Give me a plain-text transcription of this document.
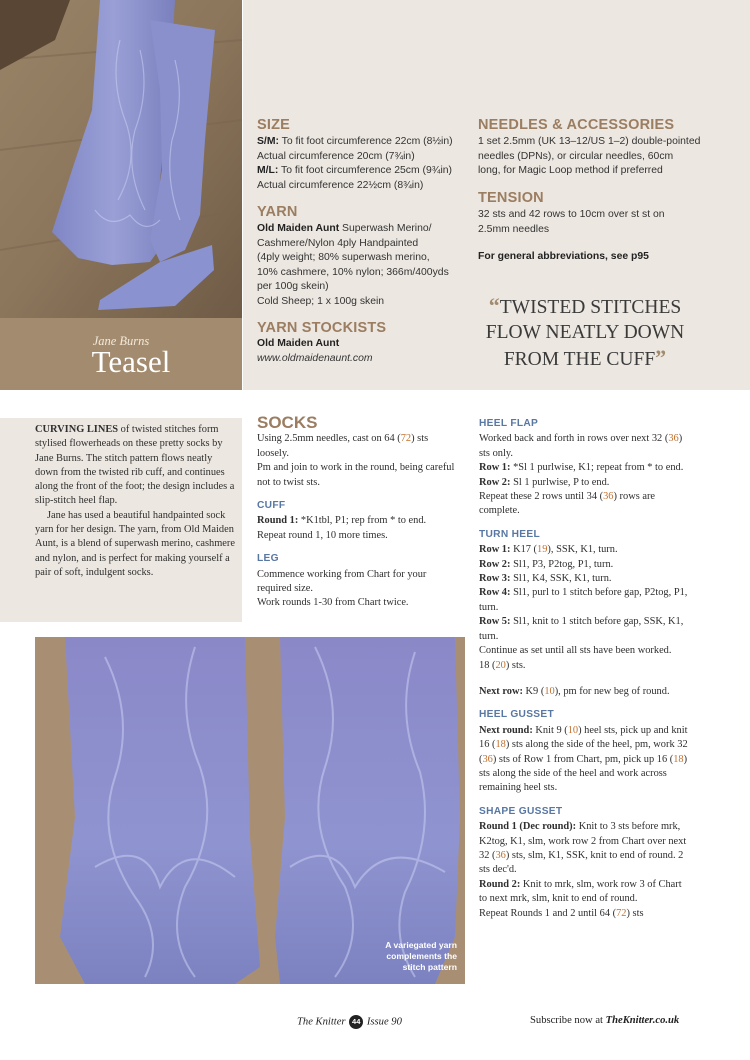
Jane Burns
Teasel
SIZE
S/M: To fit foot circumference 22cm (8½in)
Actual circumference 20cm (7¾in)
M/L: To fit foot circumference 25cm (9¾in)
Actual circumference 22½cm (8¾in)
YARN
Old Maiden Aunt Superwash Merino/
Cashmere/Nylon 4ply Handpainted
(4ply weight; 80% superwash merino,
10% cashmere, 10% nylon; 366m/400yds
per 100g skein)
Cold Sheep; 1 x 100g skein
YARN STOCKISTS
Old Maiden Aunt
www.oldmaidenaunt.com
NEEDLES & ACCESSORIES
1 set 2.5mm (UK 13–12/US 1–2) double-pointed
needles (DPNs), or circular needles, 60cm
long, for Magic Loop method if preferred
TENSION
32 sts and 42 rows to 10cm over st st on
2.5mm needles
For general abbreviations, see p95
“TWISTED STITCHES
FLOW NEATLY DOWN
FROM THE CUFF”

CURVING LINES of twisted stitches form stylised flowerheads on these pretty socks by Jane Burns. The stitch pattern flows neatly down from the twisted rib cuff, and continues along the front of the foot; the design includes a slip-stitch heel flap.

Jane has used a beautiful handpainted sock yarn for her design. The yarn, from Old Maiden Aunt, is a blend of superwash merino, cashmere and nylon, and is perfect for making yourself a pair of soft, indulgent socks.

SOCKS
Using 2.5mm needles, cast on 64 (72) sts loosely.
Pm and join to work in the round, being careful not to twist sts.
CUFF
Round 1: *K1tbl, P1; rep from * to end.
Repeat round 1, 10 more times.
LEG
Commence working from Chart for your required size.
Work rounds 1-30 from Chart twice.
HEEL FLAP
Worked back and forth in rows over next 32 (36) sts only.
Row 1: *Sl 1 purlwise, K1; repeat from * to end.
Row 2: Sl 1 purlwise, P to end.
Repeat these 2 rows until 34 (36) rows are complete.
TURN HEEL
Row 1: K17 (19), SSK, K1, turn.
Row 2: Sl1, P3, P2tog, P1, turn.
Row 3: Sl1, K4, SSK, K1, turn.
Row 4: Sl1, purl to 1 stitch before gap, P2tog, P1, turn.
Row 5: Sl1, knit to 1 stitch before gap, SSK, K1, turn.
Continue as set until all sts have been worked.
18 (20) sts.
Next row: K9 (10), pm for new beg of round.
HEEL GUSSET
Next round: Knit 9 (10) heel sts, pick up and knit 16 (18) sts along the side of the heel, pm, work 32 (36) sts of Row 1 from Chart, pm, pick up 16 (18) sts along the side of the heel and work across remaining heel sts.
SHAPE GUSSET
Round 1 (Dec round): Knit to 3 sts before mrk, K2tog, K1, slm, work row 2 from Chart over next 32 (36) sts, slm, K1, SSK, knit to end of round. 2 sts dec'd.
Round 2: Knit to mrk, slm, work row 3 of Chart to next mrk, slm, knit to end of round.
Repeat Rounds 1 and 2 until 64 (72) sts
A variegated yarn complements the stitch pattern
The Knitter 44 Issue 90	Subscribe now at TheKnitter.co.uk
